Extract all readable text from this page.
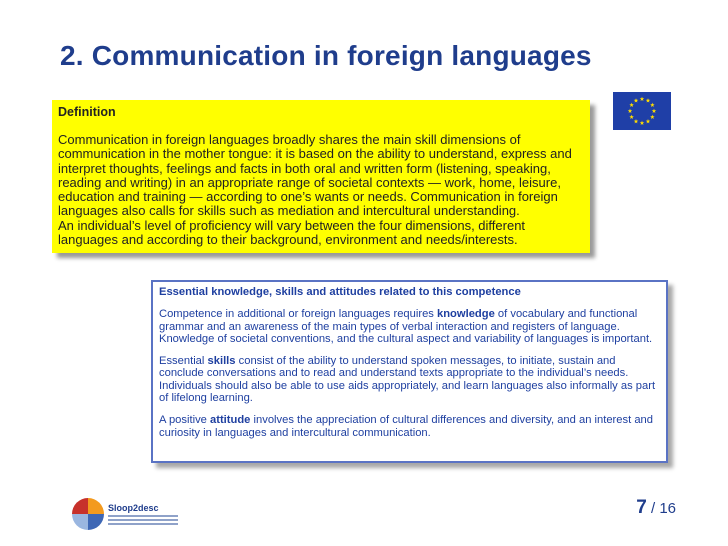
2. Communication in foreign languages
Definition

Communication in foreign languages broadly shares the main skill dimensions of communication in the mother tongue: it is based on the ability to understand, express and interpret thoughts, feelings and facts in both oral and written form (listening, speaking, reading and writing) in an appropriate range of societal contexts — work, home, leisure, education and training — according to one’s wants or needs. Communication in foreign languages also calls for skills such as mediation and intercultural understanding.

An individual’s level of proficiency will vary between the four dimensions, different languages and according to their background, environment and needs/interests.

Essential knowledge, skills and attitudes related to this competence

Competence in additional or foreign languages requires knowledge of vocabulary and functional grammar and an awareness of the main types of verbal interaction and registers of language. Knowledge of societal conventions, and the cultural aspect and variability of languages is important.

Essential skills consist of the ability to understand spoken messages, to initiate, sustain and conclude conversations and to read and understand texts appropriate to the individual’s needs.

Individuals should also be able to use aids appropriately, and learn languages also informally as part of lifelong learning.

A positive attitude involves the appreciation of cultural differences and diversity, and an interest and curiosity in languages and intercultural communication.

Sloop2desc	7 / 16
